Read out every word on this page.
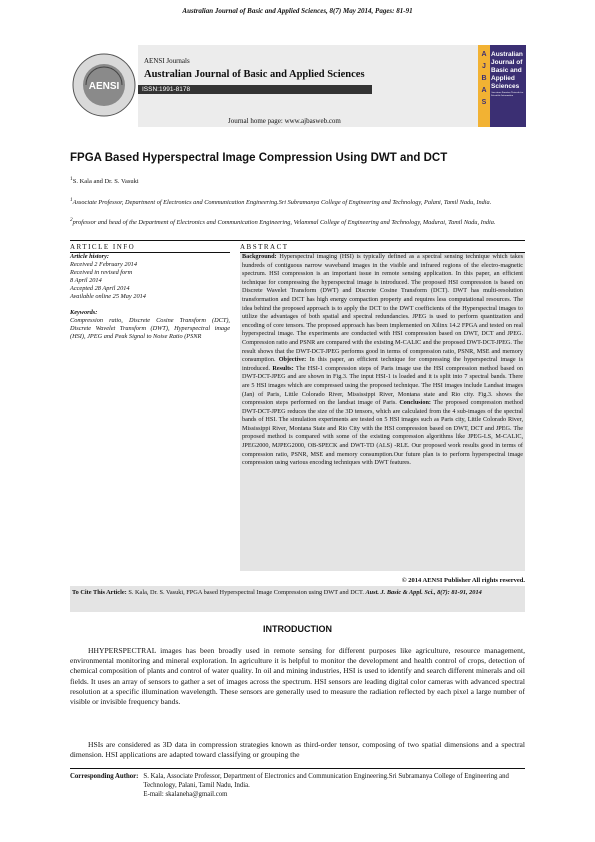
Australian Journal of Basic and Applied Sciences, 8(7) May 2014, Pages: 81-91
AENSI
AENSI Journals
Australian Journal of Basic and Applied Sciences
ISSN:1991-8178
Journal home page: www.ajbasweb.com
A
J
B
A
S
Australian Journal of Basic and Applied Sciences
American-Eurasian Network for Scientific Information
FPGA Based Hyperspectral Image Compression Using DWT and DCT
$^1$S. Kala and Dr. S. Vasuki
$^1$Associate Professor, Department of Electronics and Communication Engineering.Sri Subramanya College of Engineering and Technology, Palani, Tamil Nadu, India.
$^2$professor and head of the Department of Electronics and Communication Engineering, Velammal College of Engineering and Technology, Madurai, Tamil Nadu, India.
ARTICLE INFO	ABSTRACT
Article history:
Received 2 February 2014
Received in revised form
8 April 2014
Accepted 28 April 2014
Available online 25 May 2014
Keywords:
Compression ratio, Discrete Cosine Transform (DCT), Discrete Wavelet Transform (DWT), Hyperspectral image (HSI), JPEG and Peak Signal to Noise Ratio (PSNR
Background: Hyperspectral imaging (HSI) is typically defined as a spectral sensing technique which takes hundreds of contiguous narrow waveband images in the visible and infrared regions of the electro-magnetic spectrum. HSI compression is an important issue in remote sensing application. In this paper, an efficient technique for compressing the hyperspectral image is introduced. The proposed HSI compression is based on Discrete Wavelet Transform (DWT) and Discrete Cosine Transform (DCT). DWT has multi-resolution transformation and DCT has high energy compaction property and requires less computational resources. The idea behind the proposed approach is to apply the DCT to the DWT coefficients of the Hyperspectral images to utilize the advantages of both spatial and spectral redundancies. JPEG is used to perform quantization and encoding of core tensors. The proposed approach has been implemented on Xilinx 14.2 FPGA and tested on real hyperspectral image. The experiments are conducted with HSI compression based on DWT, DCT and JPEG. Compression ratio and PSNR are compared with the existing M-CALIC and the proposed DWT-DCT-JPEG. The result shows that the DWT-DCT-JPEG performs good in terms of compression ratio, PSNR, MSE and memory consumption. Objective: In this paper, an efficient technique for compressing the hyperspectral image is introduced. Results: The HSI-1 compression steps of Paris image use the HSI compression method based on DWT-DCT-JPEG and are shown in Fig.3. The input HSI-1 is loaded and it is split into 7 spectral bands. There are 5 HSI images which are compressed using the proposed technique. The HSI images include Landsat images (Jan) of Paris, Little Colorado River, Mississippi River, Montana state and Rio city. Fig.3. shows the compression steps performed on the landsat image of Paris. Conclusion: The proposed compression method DWT-DCT-JPEG reduces the size of the 3D tensors, which are calculated from the 4 sub-images of the spectral bands of HSI. The simulation experiments are tested on 5 HSI images such as Paris city, Little Colorado River, Mississippi River, Montana State and Rio City with the HSI compression based on DWT, DCT and JPEG. The proposed method is compared with some of the existing compression algorithms like JPEG-LS, M-CALIC, JPEG2000, MJPEG2000, OB-SPECK and DWT-TD (ALS) -RLE. Our proposed work results good in terms of compression ratio, PSNR, MSE and memory consumption.Our future plan is to perform hyperspectral image compression using various encoding techniques with DWT features.
© 2014 AENSI Publisher All rights reserved.
To Cite This Article: S. Kala, Dr. S. Vasuki, FPGA based Hyperspectral Image Compression using DWT and DCT. Aust. J. Basic & Appl. Sci., 8(7): 81-91, 2014
INTRODUCTION
HHYPERSPECTRAL images has been broadly used in remote sensing for different purposes like agriculture, resource management, environmental monitoring and mineral exploration. In agriculture it is helpful to monitor the development and health control of crops, detection of chemical composition of plants and control of water quality. In oil and mining industries, HSI is used to identify and search different minerals and oil fields. It uses an array of sensors to gather a set of images across the spectrum. HSI sensors are leading digital color cameras with advanced spectral resolution at a specific illumination wavelength. These sensors are generally used to measure the radiation reflected by each pixel a large number of visible or invisible frequency bands.
HSIs are considered as 3D data in compression strategies known as third-order tensor, composing of two spatial dimensions and a spectral dimension. HSI applications are adapted toward classifying or grouping the
Corresponding Author: S. Kala, Associate Professor, Department of Electronics and Communication Engineering.Sri Subramanya College of Engineering and Technology, Palani, Tamil Nadu, India.
E-mail: skalaneha@gmail.com
